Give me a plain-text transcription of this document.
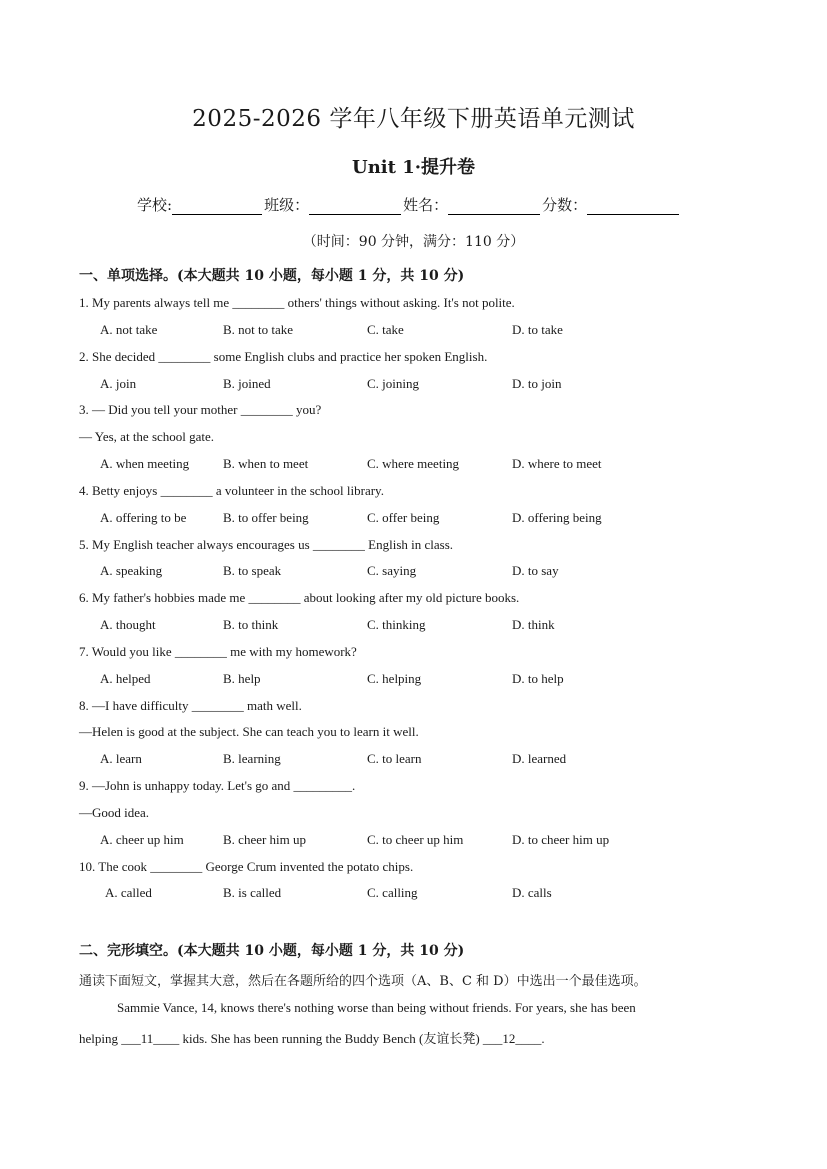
2025-2026 学年八年级下册英语单元测试
Unit 1·提升卷
学校:	班级：	姓名：	分数：
（时间：90 分钟，满分：110 分）
一、单项选择。(本大题共 10 小题，每小题 1 分，共 10 分)
1. My parents always tell me ________ others' things without asking. It's not polite.
A. not take	B. not to take	C. take	D. to take
2. She decided ________ some English clubs and practice her spoken English.
A. join	B. joined	C. joining	D. to join
3. — Did you tell your mother ________ you?
— Yes, at the school gate.
A. when meeting	B. when to meet	C. where meeting	D. where to meet
4. Betty enjoys ________ a volunteer in the school library.
A. offering to be	B. to offer being	C. offer being	D. offering being
5. My English teacher always encourages us ________ English in class.
A. speaking	B. to speak	C. saying	D. to say
6. My father's hobbies made me ________ about looking after my old picture books.
A. thought	B. to think	C. thinking	D. think
7. Would you like ________ me with my homework?
A. helped	B. help	C. helping	D. to help
8. —I have difficulty ________ math well.
—Helen is good at the subject. She can teach you to learn it well.
A. learn	B. learning	C. to learn	D. learned
9. —John is unhappy today. Let's go and _________.
—Good idea.
A. cheer up him	B. cheer him up	C. to cheer up him	D. to cheer him up
10. The cook ________ George Crum invented the potato chips.
A. called	B. is called	C. calling	D. calls
二、完形填空。(本大题共 10 小题，每小题 1 分，共 10 分)
通读下面短文，掌握其大意，然后在各题所给的四个选项（A、B、C 和 D）中选出一个最佳选项。
Sammie Vance, 14, knows there's nothing worse than being without friends. For years, she has been
helping ___11____ kids. She has been running the Buddy Bench (友谊长凳) ___12____.
